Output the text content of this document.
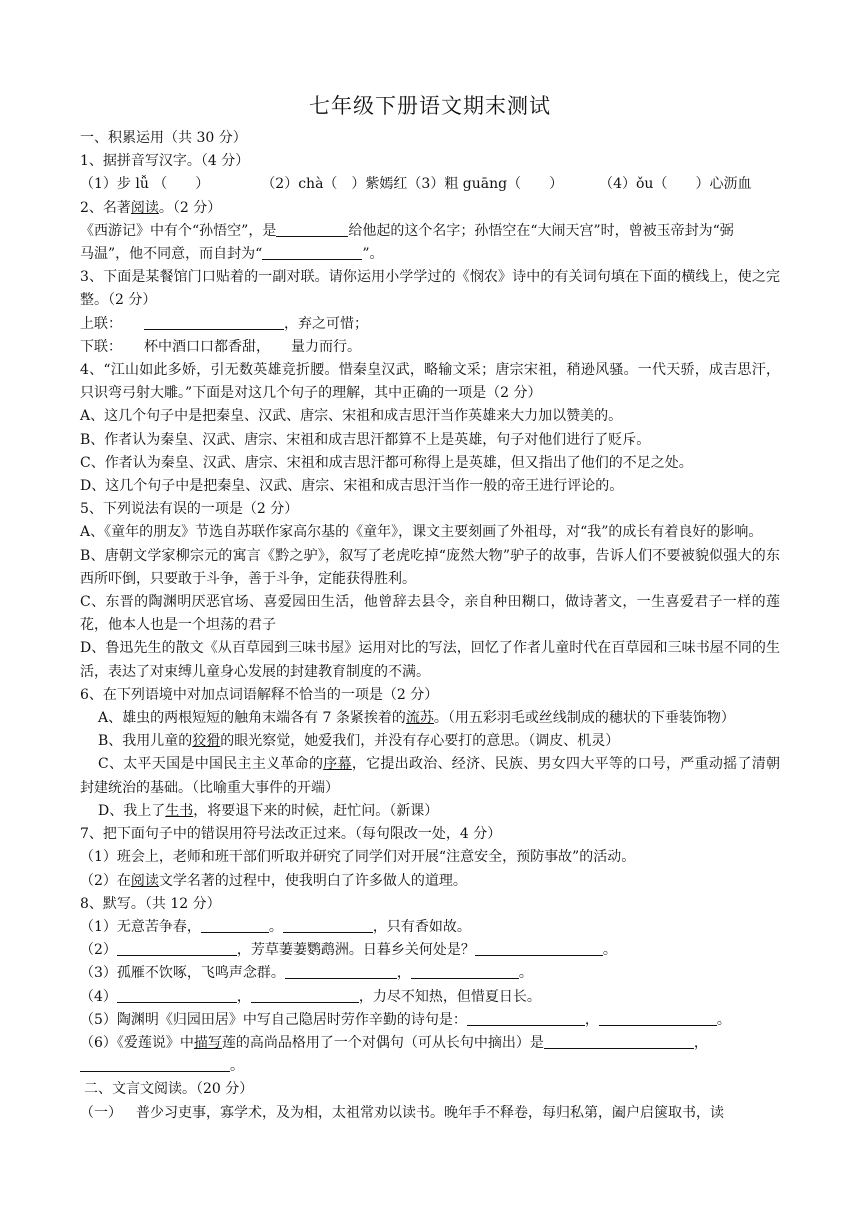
七年级下册语文期末测试
一、积累运用（共 30 分）
1、据拼音写汉字。（4 分）
（1）步 lǚ （　　）	（2）chà（　）紫嫣红（3）粗 guāng（　　）	（4）ǒu（　　）心沥血
2、名著阅读。（2 分）
《西游记》中有个“孙悟空”，是	给他起的这个名字；孙悟空在“大闹天宫”时，曾被玉帝封为“弼
马温”，他不同意，而自封为“	”。
3、下面是某餐馆门口贴着的一副对联。请你运用小学学过的《悯农》诗中的有关词句填在下面的横线上，使之完整。（2 分）
上联：	，弃之可惜；
下联： 杯中酒口口都香甜，　　量力而行。
4、“江山如此多娇，引无数英雄竞折腰。惜秦皇汉武，略输文采；唐宗宋祖，稍逊风骚。一代天骄，成吉思汗，只识弯弓射大雕。”下面是对这几个句子的理解，其中正确的一项是（2 分）
A、这几个句子中是把秦皇、汉武、唐宗、宋祖和成吉思汗当作英雄来大力加以赞美的。
B、作者认为秦皇、汉武、唐宗、宋祖和成吉思汗都算不上是英雄，句子对他们进行了贬斥。
C、作者认为秦皇、汉武、唐宗、宋祖和成吉思汗都可称得上是英雄，但又指出了他们的不足之处。
D、这几个句子中是把秦皇、汉武、唐宗、宋祖和成吉思汗当作一般的帝王进行评论的。
5、下列说法有误的一项是（2 分）
A、《童年的朋友》节选自苏联作家高尔基的《童年》，课文主要刻画了外祖母，对“我”的成长有着良好的影响。
B、唐朝文学家柳宗元的寓言《黔之驴》，叙写了老虎吃掉“庞然大物”驴子的故事，告诉人们不要被貌似强大的东西所吓倒，只要敢于斗争，善于斗争，定能获得胜利。
C、东晋的陶渊明厌恶官场、喜爱园田生活，他曾辞去县令，亲自种田糊口，做诗著文，一生喜爱君子一样的莲花，他本人也是一个坦荡的君子
D、鲁迅先生的散文《从百草园到三味书屋》运用对比的写法，回忆了作者儿童时代在百草园和三味书屋不同的生活，表达了对束缚儿童身心发展的封建教育制度的不满。
6、在下列语境中对加点词语解释不恰当的一项是（2 分）
A、雄虫的两根短短的触角末端各有 7 条紧挨着的流苏。（用五彩羽毛或丝线制成的穗状的下垂装饰物）
B、我用儿童的狡猾的眼光察觉，她爱我们，并没有存心要打的意思。（调皮、机灵）
C、太平天国是中国民主主义革命的序幕，它提出政治、经济、民族、男女四大平等的口号，严重动摇了清朝封建统治的基础。（比喻重大事件的开端）
D、我上了生书，将要退下来的时候，赶忙问。（新课）
7、把下面句子中的错误用符号法改正过来。（每句限改一处，4 分）
（1）班会上，老师和班干部们听取并研究了同学们对开展“注意安全，预防事故”的活动。
（2）在阅读文学名著的过程中，使我明白了许多做人的道理。
8、默写。（共 12 分）
（1）无意苦争春，	。	，只有香如故。
（2）	，芳草萋萋鹦鹉洲。日暮乡关何处是？	。
（3）孤雁不饮啄，飞鸣声念群。	，	。
（4）	，	，力尽不知热，但惜夏日长。
（5）陶渊明《归园田居》中写自己隐居时劳作辛勤的诗句是：	，	。
（6）《爱莲说》中描写莲的高尚品格用了一个对偶句（可从长句中摘出）是	，
。
二、文言文阅读。（20 分）
（一） 普少习吏事，寡学术，及为相，太祖常劝以读书。晚年手不释卷，每归私第，阖户启箧取书，读
